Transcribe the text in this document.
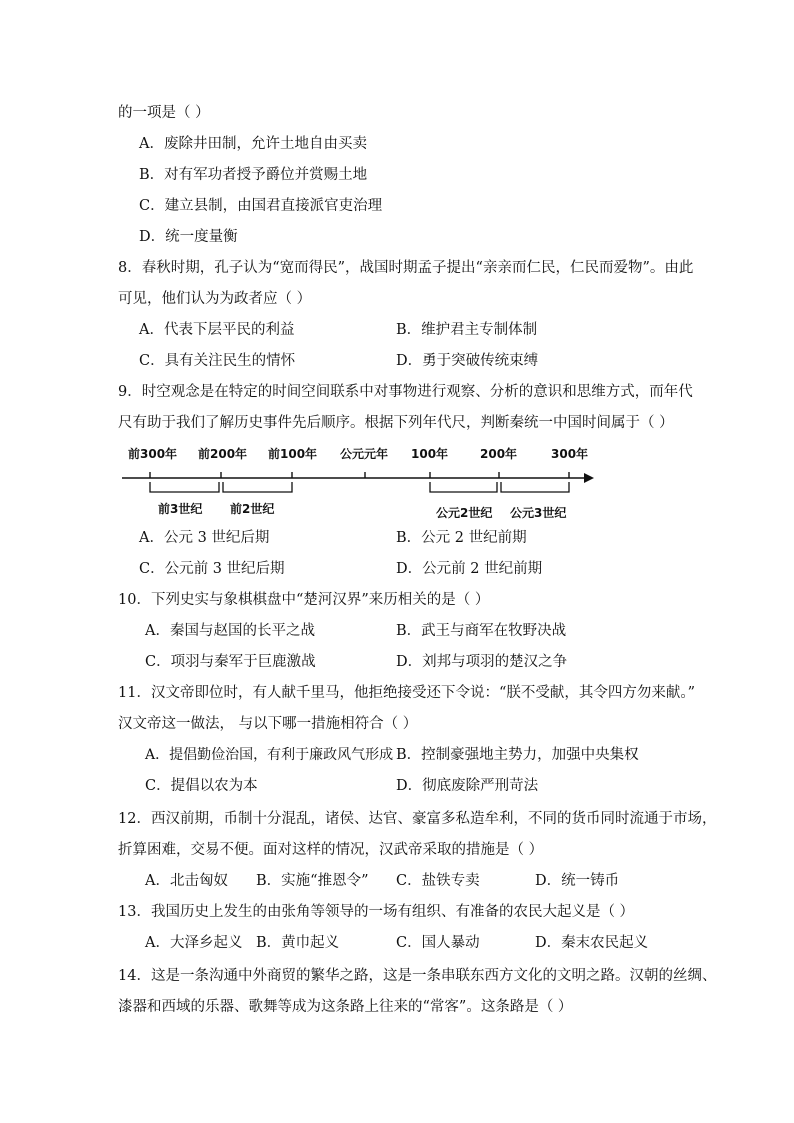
的一项是（ ）
A．废除井田制，允许土地自由买卖
B．对有军功者授予爵位并赏赐土地
C．建立县制，由国君直接派官吏治理
D．统一度量衡
8．春秋时期，孔子认为“宽而得民”，战国时期孟子提出“亲亲而仁民，仁民而爱物”。由此
可见，他们认为为政者应（ ）
A．代表下层平民的利益	B．维护君主专制体制
C．具有关注民生的情怀	D．勇于突破传统束缚
9．时空观念是在特定的时间空间联系中对事物进行观察、分析的意识和思维方式，而年代
尺有助于我们了解历史事件先后顺序。根据下列年代尺，判断秦统一中国时间属于（ ）
前300年 前200年 前100年 公元元年 100年	200年	300年
前3世纪 前2世纪	公元2世纪 公元3世纪
A．公元 3 世纪后期	B．公元 2 世纪前期
C．公元前 3 世纪后期	D．公元前 2 世纪前期
10．下列史实与象棋棋盘中“楚河汉界”来历相关的是（ ）
A．秦国与赵国的长平之战	B．武王与商军在牧野决战
C．项羽与秦军于巨鹿激战	D．刘邦与项羽的楚汉之争
11．汉文帝即位时，有人献千里马，他拒绝接受还下令说：“朕不受献，其令四方勿来献。”
汉文帝这一做法， 与以下哪一措施相符合（ ）
A．提倡勤俭治国，有利于廉政风气形成 B．控制豪强地主势力，加强中央集权
C．提倡以农为本	D．彻底废除严刑苛法
12．西汉前期，币制十分混乱，诸侯、达官、豪富多私造牟利，不同的货币同时流通于市场，
折算困难，交易不便。面对这样的情况，汉武帝采取的措施是（ ）
A．北击匈奴 B．实施“推恩令” C．盐铁专卖	D．统一铸币
13．我国历史上发生的由张角等领导的一场有组织、有准备的农民大起义是（ ）
A．大泽乡起义 B．黄巾起义	C．国人暴动	D．秦末农民起义
14．这是一条沟通中外商贸的繁华之路，这是一条串联东西方文化的文明之路。汉朝的丝绸、
漆器和西域的乐器、歌舞等成为这条路上往来的“常客”。这条路是（ ）
